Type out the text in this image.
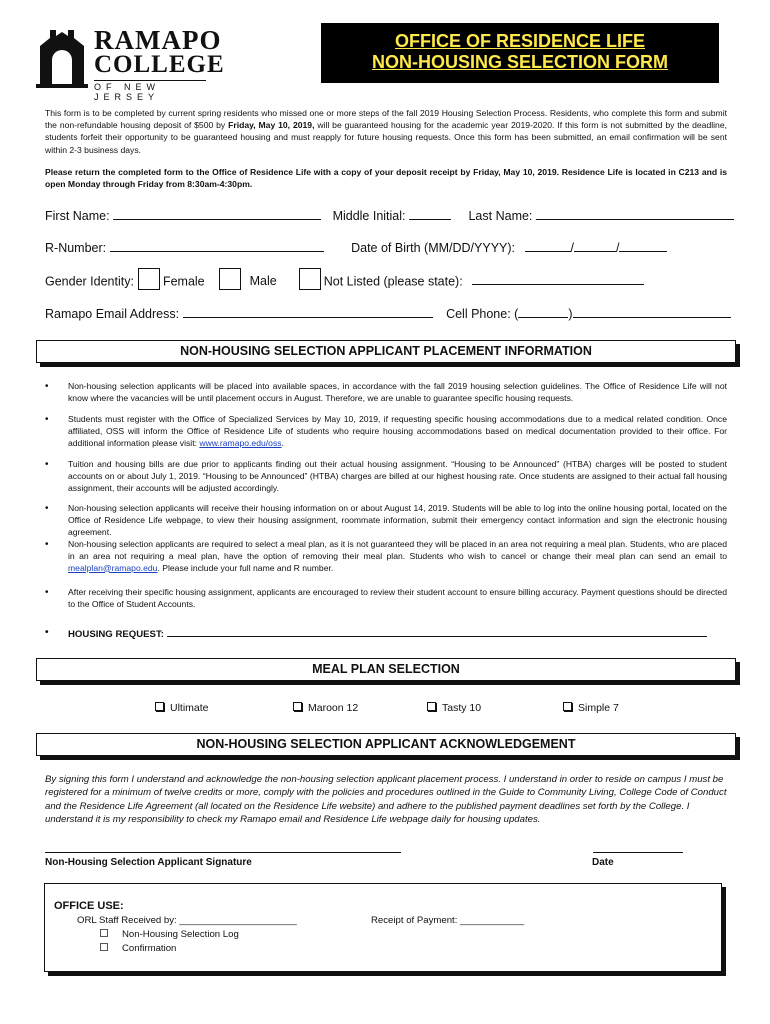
RAMAPO
COLLEGE
OF NEW JERSEY
OFFICE OF RESIDENCE LIFE
NON-HOUSING SELECTION FORM
This form is to be completed by current spring residents who missed one or more steps of the fall 2019 Housing Selection Process. Residents, who complete this form and submit the non-refundable housing deposit of $500 by Friday, May 10, 2019, will be guaranteed housing for the academic year 2019-2020. If this form is not submitted by the deadline, students forfeit their opportunity to be guaranteed housing and must reapply for future housing requests. Once this form has been submitted, an email confirmation will be sent within 2-3 business days.
Please return the completed form to the Office of Residence Life with a copy of your deposit receipt by Friday, May 10, 2019. Residence Life is located in C213 and is open Monday through Friday from 8:30am-4:30pm.
First Name:	Middle Initial:	Last Name:
R-Number:	Date of Birth (MM/DD/YYYY):	/	/
Gender Identity: Female	Male	Not Listed (please state):
Ramapo Email Address:	Cell Phone: (	)
NON-HOUSING SELECTION APPLICANT PLACEMENT INFORMATION
• Non-housing selection applicants will be placed into available spaces, in accordance with the fall 2019 housing selection guidelines. The Office of Residence Life will not know where the vacancies will be until placement occurs in August. Therefore, we are unable to guarantee specific housing requests.
• Students must register with the Office of Specialized Services by May 10, 2019, if requesting specific housing accommodations due to a medical related condition. Once affiliated, OSS will inform the Office of Residence Life of students who require housing accommodations based on medical documentation provided to their office. For additional information please visit: www.ramapo.edu/oss.
• Tuition and housing bills are due prior to applicants finding out their actual housing assignment. “Housing to be Announced” (HTBA) charges will be posted to student accounts on or about July 1, 2019. “Housing to be Announced” (HTBA) charges are billed at our highest housing rate. Once students are assigned to their actual fall housing assignment, their accounts will be adjusted accordingly.
• Non-housing selection applicants will receive their housing information on or about August 14, 2019. Students will be able to log into the online housing portal, located on the Office of Residence Life webpage, to view their housing assignment, roommate information, submit their emergency contact information and sign the electronic housing agreement.
• Non-housing selection applicants are required to select a meal plan, as it is not guaranteed they will be placed in an area not requiring a meal plan. Students, who are placed in an area not requiring a meal plan, have the option of removing their meal plan. Students who wish to cancel or change their meal plan can send an email to mealplan@ramapo.edu. Please include your full name and R number.
• After receiving their specific housing assignment, applicants are encouraged to review their student account to ensure billing accuracy. Payment questions should be directed to the Office of Student Accounts.
• HOUSING REQUEST:
MEAL PLAN SELECTION
Ultimate	Maroon 12	Tasty 10	Simple 7
NON-HOUSING SELECTION APPLICANT ACKNOWLEDGEMENT
By signing this form I understand and acknowledge the non-housing selection applicant placement process. I understand in order to reside on campus I must be registered for a minimum of twelve credits or more, comply with the policies and procedures outlined in the Guide to Community Living, College Code of Conduct and the Residence Life Agreement (all located on the Residence Life website) and adhere to the published payment deadlines set forth by the College. I understand it is my responsibility to check my Ramapo email and Residence Life webpage daily for housing updates.
Non-Housing Selection Applicant Signature	Date
OFFICE USE:
ORL Staff Received by: ______________________	Receipt of Payment: ____________
Non-Housing Selection Log
Confirmation
